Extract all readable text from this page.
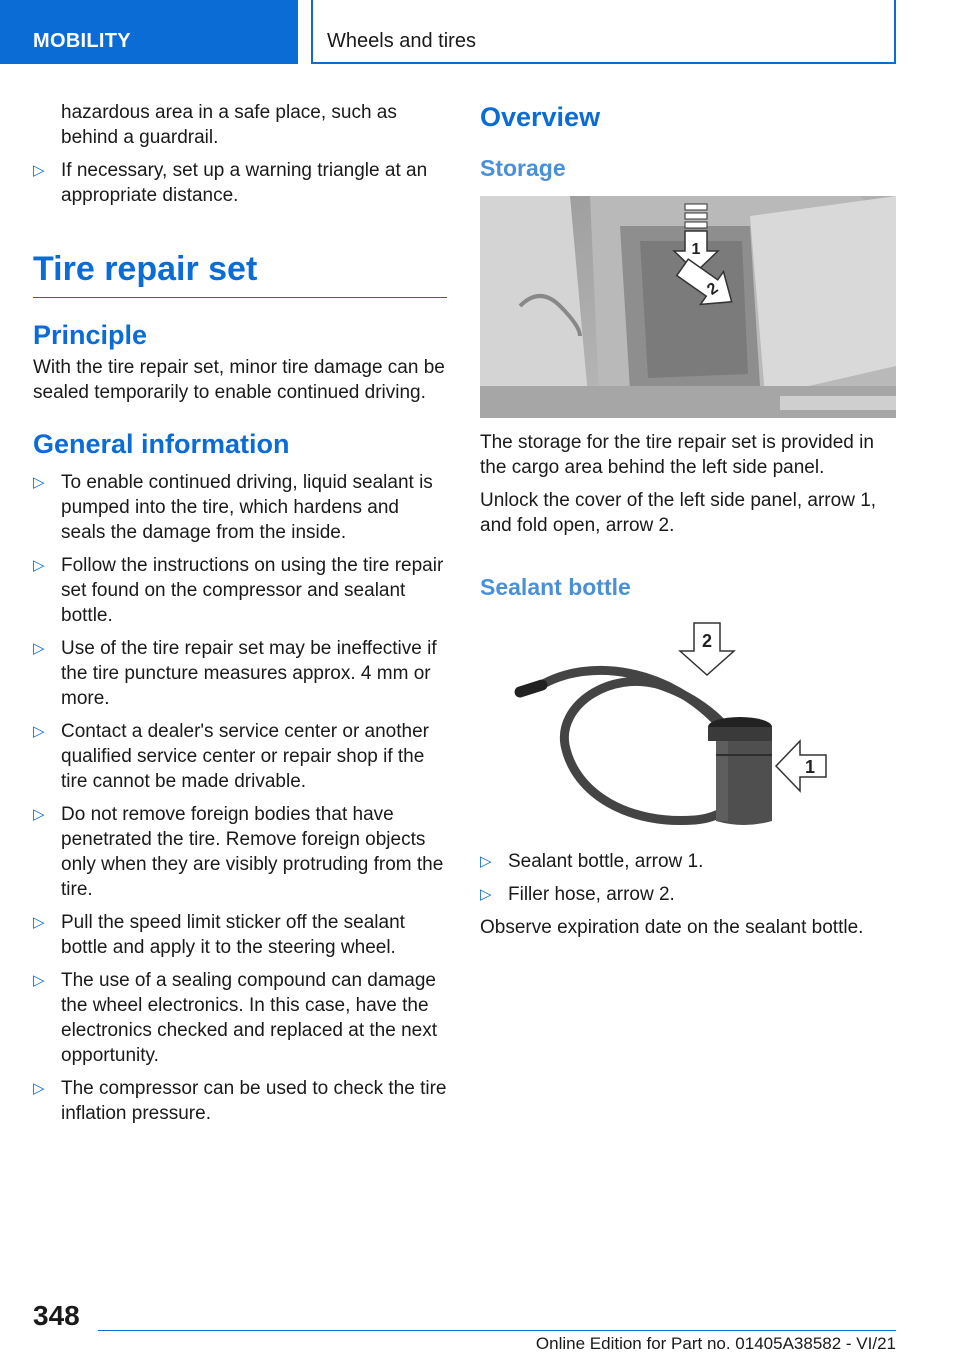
MOBILITY	Wheels and tires

hazardous area in a safe place, such as behind a guardrail.

▷ If necessary, set up a warning triangle at an appropriate distance.
Tire repair set
Principle

With the tire repair set, minor tire damage can be sealed temporarily to enable continued driving.

General information
▷ To enable continued driving, liquid sealant is pumped into the tire, which hardens and seals the damage from the inside.
▷ Follow the instructions on using the tire repair set found on the compressor and sealant bottle.
▷ Use of the tire repair set may be ineffective if the tire puncture measures approx. 4 mm or more.
▷ Contact a dealer's service center or another qualified service center or repair shop if the tire cannot be made drivable.
▷ Do not remove foreign bodies that have penetrated the tire. Remove foreign objects only when they are visibly protruding from the tire.
▷ Pull the speed limit sticker off the sealant bottle and apply it to the steering wheel.
▷ The use of a sealing compound can damage the wheel electronics. In this case, have the electronics checked and replaced at the next opportunity.
▷ The compressor can be used to check the tire inflation pressure.
Overview
Storage
1
2

The storage for the tire repair set is provided in the cargo area behind the left side panel.

Unlock the cover of the left side panel, arrow 1, and fold open, arrow 2.

Sealant bottle
2
1
▷ Sealant bottle, arrow 1.
▷ Filler hose, arrow 2.

Observe expiration date on the sealant bottle.

348
Online Edition for Part no. 01405A38582 - VI/21
